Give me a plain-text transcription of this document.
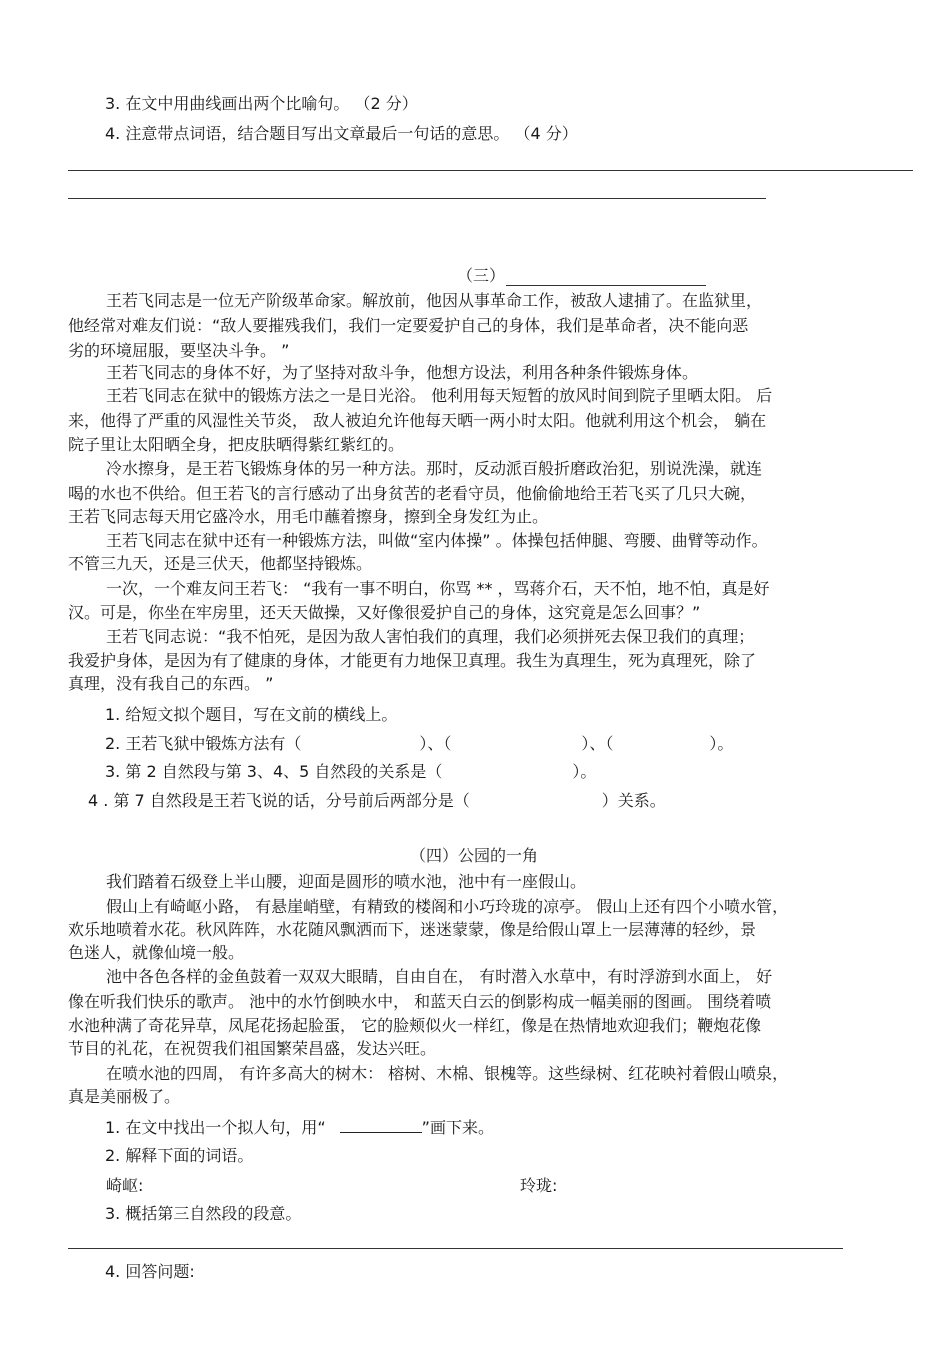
3. 在文中用曲线画出两个比喻句。 （2 分）
4. 注意带点词语，结合题目写出文章最后一句话的意思。 （4 分）
（三）
王若飞同志是一位无产阶级革命家。解放前，他因从事革命工作，被敌人逮捕了。在监狱里，
他经常对难友们说：“敌人要摧残我们，我们一定要爱护自己的身体，我们是革命者，决不能向恶
劣的环境屈服，要坚决斗争。 ”
王若飞同志的身体不好，为了坚持对敌斗争，他想方设法，利用各种条件锻炼身体。
王若飞同志在狱中的锻炼方法之一是日光浴。 他利用每天短暂的放风时间到院子里晒太阳。 后
来，他得了严重的风湿性关节炎， 敌人被迫允许他每天晒一两小时太阳。他就利用这个机会， 躺在
院子里让太阳晒全身，把皮肤晒得紫红紫红的。
冷水擦身，是王若飞锻炼身体的另一种方法。那时，反动派百般折磨政治犯，别说洗澡，就连
喝的水也不供给。但王若飞的言行感动了出身贫苦的老看守员，他偷偷地给王若飞买了几只大碗，
王若飞同志每天用它盛冷水，用毛巾蘸着擦身，擦到全身发红为止。
王若飞同志在狱中还有一种锻炼方法，叫做“室内体操” 。体操包括伸腿、弯腰、曲臂等动作。
不管三九天，还是三伏天，他都坚持锻炼。
一次，一个难友问王若飞： “我有一事不明白，你骂 ** ，骂蒋介石，天不怕，地不怕，真是好
汉。可是，你坐在牢房里，还天天做操，又好像很爱护自己的身体，这究竟是怎么回事？”
王若飞同志说：“我不怕死，是因为敌人害怕我们的真理，我们必须拼死去保卫我们的真理；
我爱护身体，是因为有了健康的身体，才能更有力地保卫真理。我生为真理生，死为真理死，除了
真理，没有我自己的东西。 ”
1. 给短文拟个题目，写在文前的横线上。
2. 王若飞狱中锻炼方法有（	）、（	）、（	）。
3. 第 2 自然段与第 3、4、5 自然段的关系是（	）。
4 . 第 7 自然段是王若飞说的话，分号前后两部分是（	）关系。
（四）公园的一角
我们踏着石级登上半山腰，迎面是圆形的喷水池，池中有一座假山。
假山上有崎岖小路， 有悬崖峭壁，有精致的楼阁和小巧玲珑的凉亭。 假山上还有四个小喷水管，
欢乐地喷着水花。秋风阵阵，水花随风飘洒而下，迷迷蒙蒙，像是给假山罩上一层薄薄的轻纱，景
色迷人，就像仙境一般。
池中各色各样的金鱼鼓着一双双大眼睛，自由自在， 有时潜入水草中，有时浮游到水面上， 好
像在听我们快乐的歌声。 池中的水竹倒映水中， 和蓝天白云的倒影构成一幅美丽的图画。 围绕着喷
水池种满了奇花异草，凤尾花扬起脸蛋， 它的脸颊似火一样红，像是在热情地欢迎我们；鞭炮花像
节目的礼花，在祝贺我们祖国繁荣昌盛，发达兴旺。
在喷水池的四周， 有许多高大的树木： 榕树、木棉、银槐等。这些绿树、红花映衬着假山喷泉，
真是美丽极了。
1. 在文中找出一个拟人句，用“	”画下来。
2. 解释下面的词语。
崎岖:	玲珑:
3. 概括第三自然段的段意。
4. 回答问题:
